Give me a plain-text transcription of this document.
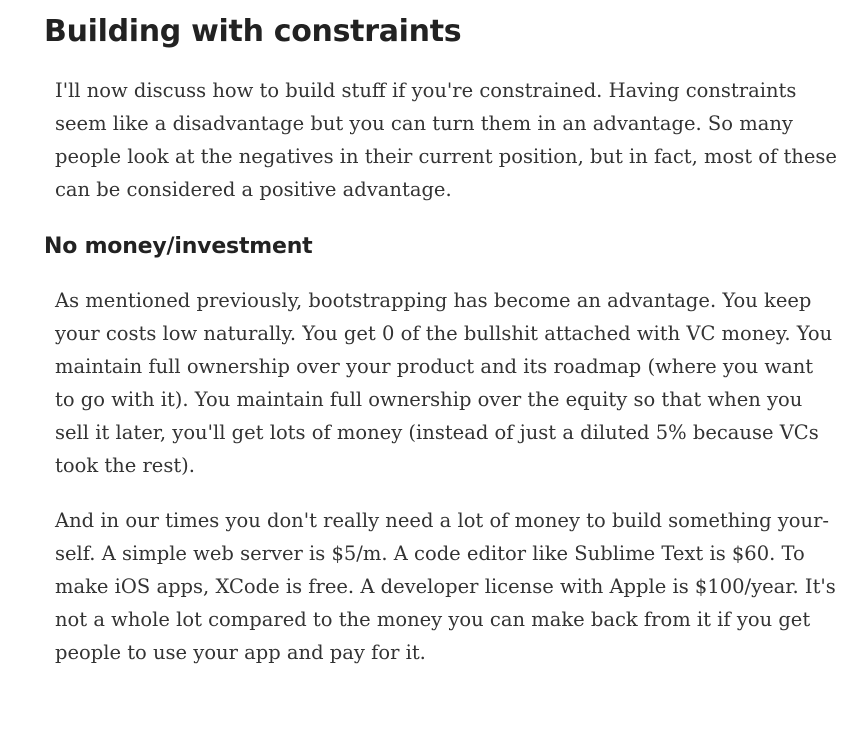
Building with constraints

I'll now discuss how to build stuff if you're constrained. Having constraints
seem like a disadvantage but you can turn them in an advantage. So many
people look at the negatives in their current position, but in fact, most of these
can be considered a positive advantage.

No money/investment

As mentioned previously, bootstrapping has become an advantage. You keep
your costs low naturally. You get 0 of the bullshit attached with VC money. You
maintain full ownership over your product and its roadmap (where you want
to go with it). You maintain full ownership over the equity so that when you
sell it later, you'll get lots of money (instead of just a diluted 5% because VCs
took the rest).

And in our times you don't really need a lot of money to build something your-
self. A simple web server is $5/m. A code editor like Sublime Text is $60. To
make iOS apps, XCode is free. A developer license with Apple is $100/year. It's
not a whole lot compared to the money you can make back from it if you get
people to use your app and pay for it.
